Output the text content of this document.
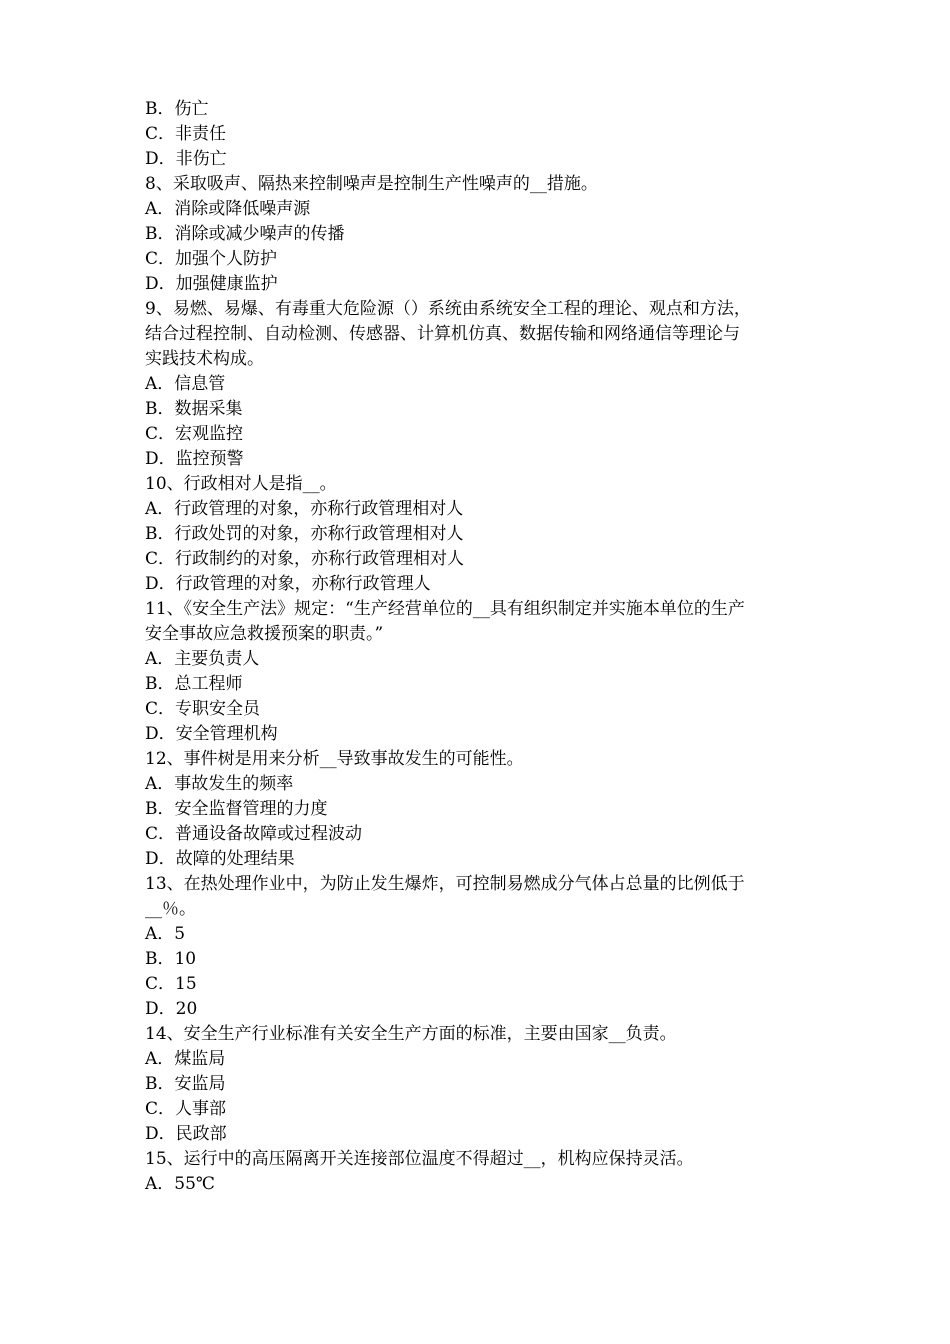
B．伤亡
C．非责任
D．非伤亡
8、采取吸声、隔热来控制噪声是控制生产性噪声的__措施。
A．消除或降低噪声源
B．消除或减少噪声的传播
C．加强个人防护
D．加强健康监护
9、易燃、易爆、有毒重大危险源（）系统由系统安全工程的理论、观点和方法，
结合过程控制、自动检测、传感器、计算机仿真、数据传输和网络通信等理论与
实践技术构成。
A．信息管
B．数据采集
C．宏观监控
D．监控预警
10、行政相对人是指__。
A．行政管理的对象，亦称行政管理相对人
B．行政处罚的对象，亦称行政管理相对人
C．行政制约的对象，亦称行政管理相对人
D．行政管理的对象，亦称行政管理人
11、《安全生产法》规定：“生产经营单位的__具有组织制定并实施本单位的生产
安全事故应急救援预案的职责。”
A．主要负责人
B．总工程师
C．专职安全员
D．安全管理机构
12、事件树是用来分析__导致事故发生的可能性。
A．事故发生的频率
B．安全监督管理的力度
C．普通设备故障或过程波动
D．故障的处理结果
13、在热处理作业中，为防止发生爆炸，可控制易燃成分气体占总量的比例低于
__％。
A．5
B．10
C．15
D．20
14、安全生产行业标准有关安全生产方面的标准，主要由国家__负责。
A．煤监局
B．安监局
C．人事部
D．民政部
15、运行中的高压隔离开关连接部位温度不得超过__，机构应保持灵活。
A．55℃
